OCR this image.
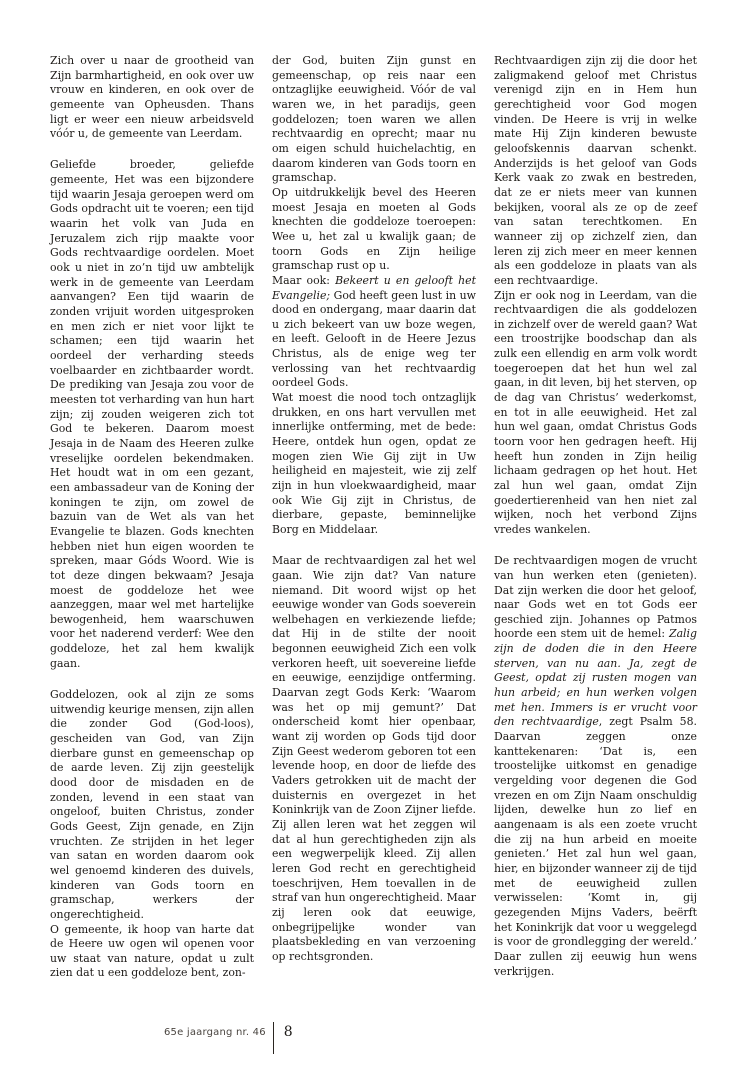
Zich over u naar de grootheid van Zijn barmhartigheid, en ook over uw vrouw en kinderen, en ook over de gemeente van Opheusden. Thans ligt er weer een nieuw arbeidsveld vóór u, de gemeente van Leerdam.

Geliefde broeder, geliefde gemeente, Het was een bijzondere tijd waarin Jesaja geroepen werd om Gods opdracht uit te voeren; een tijd waarin het volk van Juda en Jeruzalem zich rijp maakte voor Gods rechtvaardige oordelen. Moet ook u niet in zo’n tijd uw ambtelijk werk in de gemeente van Leerdam aanvangen? Een tijd waarin de zonden vrijuit worden uitgesproken en men zich er niet voor lijkt te schamen; een tijd waarin het oordeel der verharding steeds voelbaarder en zichtbaarder wordt. De prediking van Jesaja zou voor de meesten tot verharding van hun hart zijn; zij zouden weigeren zich tot God te bekeren. Daarom moest Jesaja in de Naam des Heeren zulke vreselijke oordelen bekendmaken. Het houdt wat in om een gezant, een ambassadeur van de Koning der koningen te zijn, om zowel de bazuin van de Wet als van het Evangelie te blazen. Gods knechten hebben niet hun eigen woorden te spreken, maar Góds Woord. Wie is tot deze dingen bekwaam? Jesaja moest de goddeloze het wee aanzeggen, maar wel met hartelijke bewogenheid, hem waarschuwen voor het naderend verderf: Wee den goddeloze, het zal hem kwalijk gaan.

Goddelozen, ook al zijn ze soms uitwendig keurige mensen, zijn allen die zonder God (God-loos), gescheiden van God, van Zijn dierbare gunst en gemeenschap op de aarde leven. Zij zijn geestelijk dood door de misdaden en de zonden, levend in een staat van ongeloof, buiten Christus, zonder Gods Geest, Zijn genade, en Zijn vruchten. Ze strijden in het leger van satan en worden daarom ook wel genoemd kinderen des duivels, kinderen van Gods toorn en gramschap, werkers der ongerechtigheid.

O gemeente, ik hoop van harte dat de Heere uw ogen wil openen voor uw staat van nature, opdat u zult zien dat u een goddeloze bent, zon-

der God, buiten Zijn gunst en gemeenschap, op reis naar een ontzaglijke eeuwigheid. Vóór de val waren we, in het paradijs, geen goddelozen; toen waren we allen rechtvaardig en oprecht; maar nu om eigen schuld huichelachtig, en daarom kinderen van Gods toorn en gramschap.

Op uitdrukkelijk bevel des Heeren moest Jesaja en moeten al Gods knechten die goddeloze toeroepen: Wee u, het zal u kwalijk gaan; de toorn Gods en Zijn heilige gramschap rust op u.

Maar ook: Bekeert u en gelooft het Evangelie; God heeft geen lust in uw dood en ondergang, maar daarin dat u zich bekeert van uw boze wegen, en leeft. Gelooft in de Heere Jezus Christus, als de enige weg ter verlossing van het rechtvaardig oordeel Gods.

Wat moest die nood toch ontzaglijk drukken, en ons hart vervullen met innerlijke ontferming, met de bede: Heere, ontdek hun ogen, opdat ze mogen zien Wie Gij zijt in Uw heiligheid en majesteit, wie zij zelf zijn in hun vloekwaardigheid, maar ook Wie Gij zijt in Christus, de dierbare, gepaste, beminnelijke Borg en Middelaar.

Maar de rechtvaardigen zal het wel gaan. Wie zijn dat? Van nature niemand. Dit woord wijst op het eeuwige wonder van Gods soeverein welbehagen en verkiezende liefde; dat Hij in de stilte der nooit begonnen eeuwigheid Zich een volk verkoren heeft, uit soevereine liefde en eeuwige, eenzijdige ontferming. Daarvan zegt Gods Kerk: ‘Waarom was het op mij gemunt?’ Dat onderscheid komt hier openbaar, want zij worden op Gods tijd door Zijn Geest wederom geboren tot een levende hoop, en door de liefde des Vaders getrokken uit de macht der duisternis en overgezet in het Koninkrijk van de Zoon Zijner liefde. Zij allen leren wat het zeggen wil dat al hun gerechtigheden zijn als een wegwerpelijk kleed. Zij allen leren God recht en gerechtigheid toeschrijven, Hem toevallen in de straf van hun ongerechtigheid. Maar zij leren ook dat eeuwige, onbegrijpelijke wonder van plaatsbekleding en van verzoening op rechtsgronden.

Rechtvaardigen zijn zij die door het zaligmakend geloof met Christus verenigd zijn en in Hem hun gerechtigheid voor God mogen vinden. De Heere is vrij in welke mate Hij Zijn kinderen bewuste geloofskennis daarvan schenkt. Anderzijds is het geloof van Gods Kerk vaak zo zwak en bestreden, dat ze er niets meer van kunnen bekijken, vooral als ze op de zeef van satan terechtkomen. En wanneer zij op zichzelf zien, dan leren zij zich meer en meer kennen als een goddeloze in plaats van als een rechtvaardige.

Zijn er ook nog in Leerdam, van die rechtvaardigen die als goddelozen in zichzelf over de wereld gaan? Wat een troostrijke boodschap dan als zulk een ellendig en arm volk wordt toegeroepen dat het hun wel zal gaan, in dit leven, bij het sterven, op de dag van Christus’ wederkomst, en tot in alle eeuwigheid. Het zal hun wel gaan, omdat Christus Gods toorn voor hen gedragen heeft. Hij heeft hun zonden in Zijn heilig lichaam gedragen op het hout. Het zal hun wel gaan, omdat Zijn goedertierenheid van hen niet zal wijken, noch het verbond Zijns vredes wankelen.

De rechtvaardigen mogen de vrucht van hun werken eten (genieten). Dat zijn werken die door het geloof, naar Gods wet en tot Gods eer geschied zijn. Johannes op Patmos hoorde een stem uit de hemel: Zalig zijn de doden die in den Heere sterven, van nu aan. Ja, zegt de Geest, opdat zij rusten mogen van hun arbeid; en hun werken volgen met hen. Immers is er vrucht voor den rechtvaardige, zegt Psalm 58. Daarvan zeggen onze kanttekenaren: ‘Dat is, een troostelijke uitkomst en genadige vergelding voor degenen die God vrezen en om Zijn Naam onschuldig lijden, dewelke hun zo lief en aangenaam is als een zoete vrucht die zij na hun arbeid en moeite genieten.’ Het zal hun wel gaan, hier, en bijzonder wanneer zij de tijd met de eeuwigheid zullen verwisselen: ‘Komt in, gij gezegenden Mijns Vaders, beërft het Koninkrijk dat voor u weggelegd is voor de grondlegging der wereld.’ Daar zullen zij eeuwig hun wens verkrijgen.

65e jaargang nr. 46 8
